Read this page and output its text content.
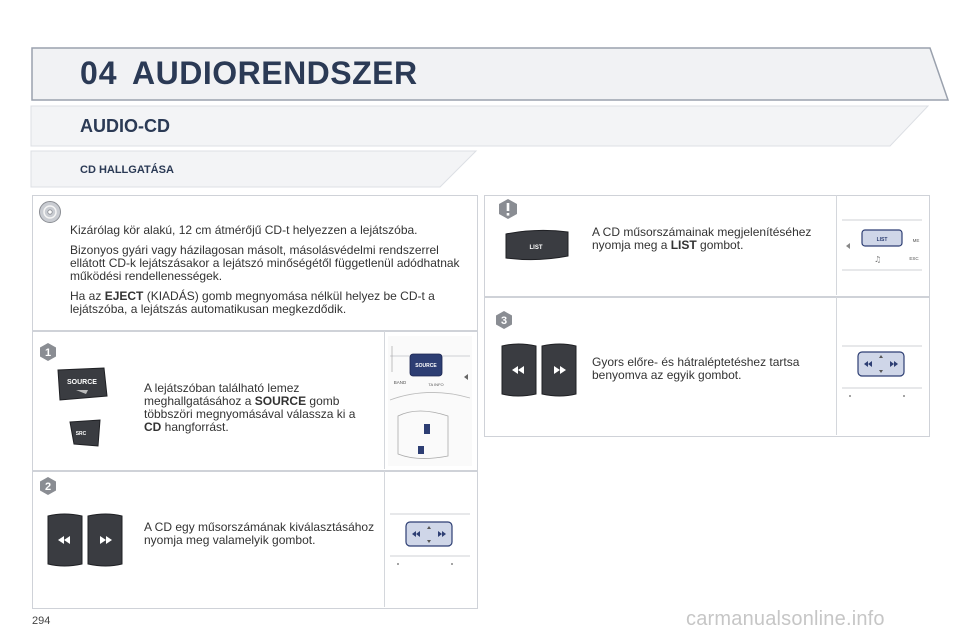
04 AUDIORENDSZER
AUDIO-CD
CD HALLGATÁSA

Kizárólag kör alakú, 12 cm átmérőjű CD-t helyezzen a lejátszóba.

Bizonyos gyári vagy házilagosan másolt, másolásvédelmi rendszerrel ellátott CD-k lejátszásakor a lejátszó minőségétől függetlenül adódhatnak működési rendellenességek.

Ha az EJECT (KIADÁS) gomb megnyomása nélkül helyez be CD-t a lejátszóba, a lejátszás automatikusan megkezdődik.

1
SOURCE
SRC
A lejátszóban található lemez meghallgatásához a SOURCE gomb többszöri megnyomásával válassza ki a CD hangforrást.
SOURCE
BAND	TA INFO
2
A CD egy műsorszámának kiválasztásához nyomja meg valamelyik gombot.
LIST
A CD műsorszámainak megjelenítéséhez nyomja meg a LIST gombot.	LIST	ME
ESC
♫
3
Gyors előre- és hátraléptetéshez tartsa benyomva az egyik gombot.
294	carmanualsonline.info
